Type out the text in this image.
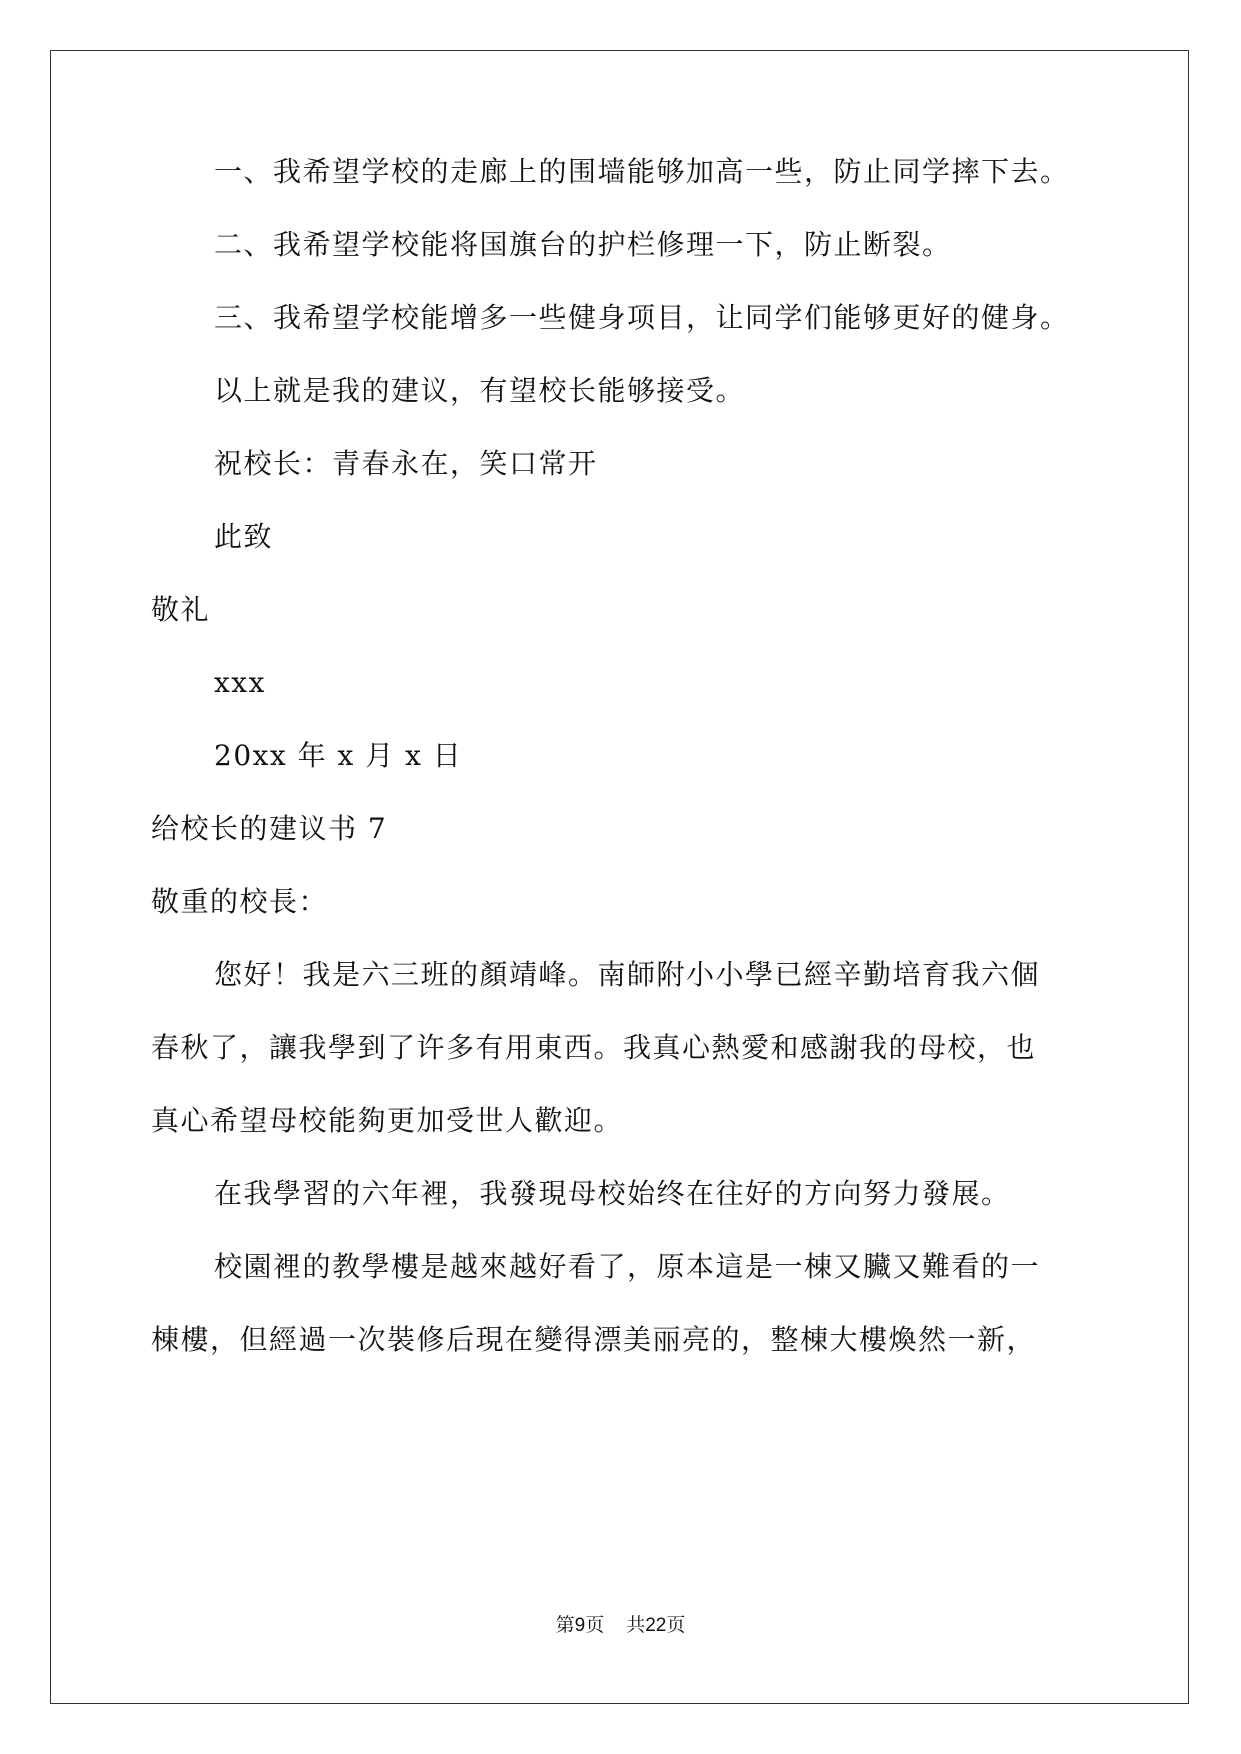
一、我希望学校的走廊上的围墙能够加高一些，防止同学摔下去。
二、我希望学校能将国旗台的护栏修理一下，防止断裂。
三、我希望学校能增多一些健身项目，让同学们能够更好的健身。
以上就是我的建议，有望校长能够接受。
祝校长：青春永在，笑口常开
此致
敬礼
xxx
20xx 年 x 月 x 日
给校长的建议书 7
敬重的校長：
您好！我是六三班的顏靖峰。南師附小小學已經辛勤培育我六個
春秋了，讓我學到了许多有用東西。我真心熱愛和感謝我的母校，也
真心希望母校能夠更加受世人歡迎。
在我學習的六年裡，我發現母校始终在往好的方向努力發展。
校園裡的教學樓是越來越好看了，原本這是一棟又臟又難看的一
棟樓，但經過一次裝修后現在變得漂美丽亮的，整棟大樓煥然一新，
第9页 共22页
